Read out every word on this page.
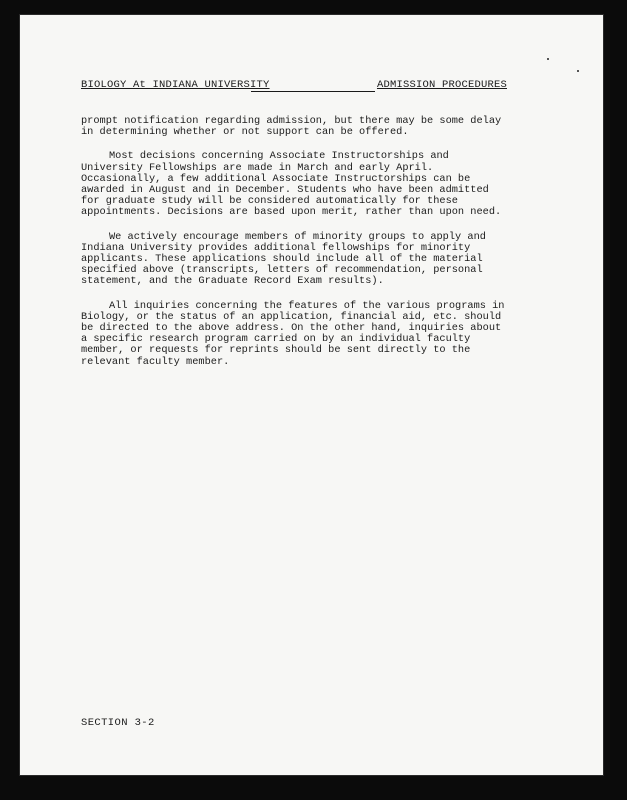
BIOLOGY At INDIANA UNIVERSITY	ADMISSION PROCEDURES

prompt notification regarding admission, but there may be some delay in determining whether or not support can be offered.

Most decisions concerning Associate Instructorships and University Fellowships are made in March and early April. Occasionally, a few additional Associate Instructorships can be awarded in August and in December. Students who have been admitted for graduate study will be considered automatically for these appointments. Decisions are based upon merit, rather than upon need.

We actively encourage members of minority groups to apply and Indiana University provides additional fellowships for minority applicants. These applications should include all of the material specified above (transcripts, letters of recommendation, personal statement, and the Graduate Record Exam results).

All inquiries concerning the features of the various programs in Biology, or the status of an application, financial aid, etc. should be directed to the above address. On the other hand, inquiries about a specific research program carried on by an individual faculty member, or requests for reprints should be sent directly to the relevant faculty member.

SECTION 3-2
